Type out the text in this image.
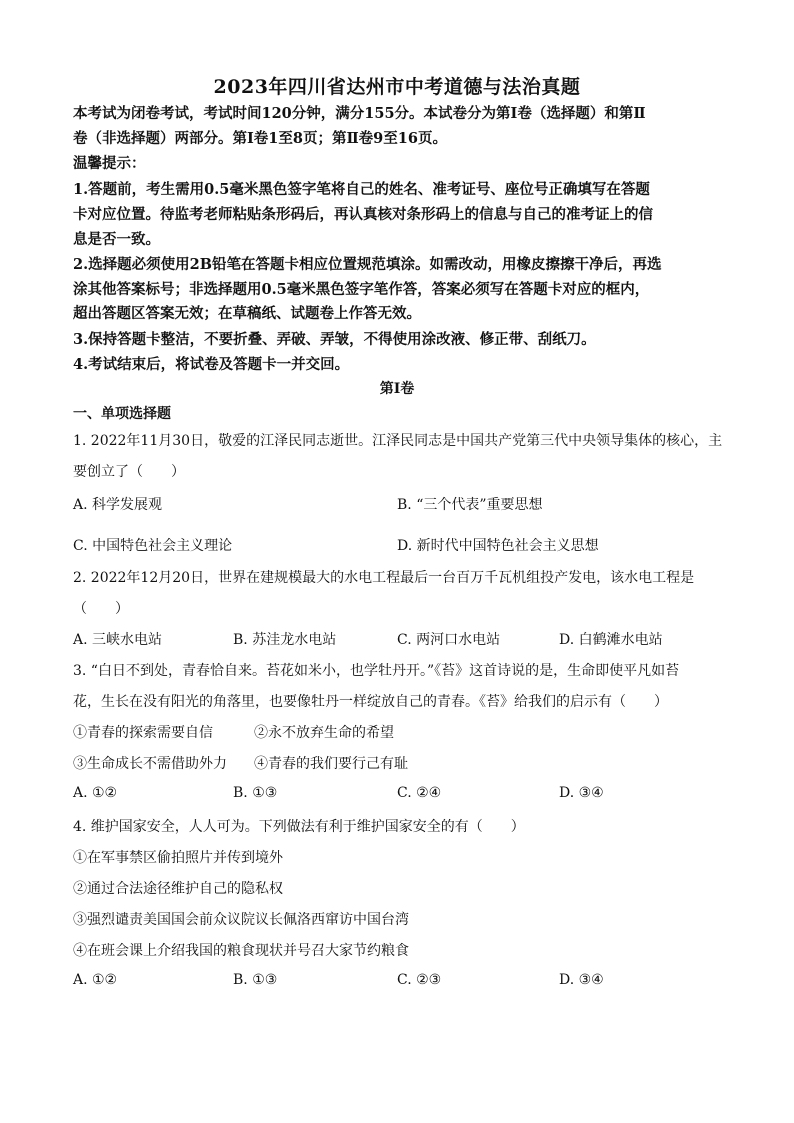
2023年四川省达州市中考道德与法治真题
本考试为闭卷考试，考试时间120分钟，满分155分。本试卷分为第Ⅰ卷（选择题）和第Ⅱ
卷（非选择题）两部分。第Ⅰ卷1至8页；第Ⅱ卷9至16页。
温馨提示：
1.答题前，考生需用0.5毫米黑色签字笔将自己的姓名、准考证号、座位号正确填写在答题
卡对应位置。待监考老师粘贴条形码后，再认真核对条形码上的信息与自己的准考证上的信
息是否一致。
2.选择题必须使用2B铅笔在答题卡相应位置规范填涂。如需改动，用橡皮擦擦干净后，再选
涂其他答案标号；非选择题用0.5毫米黑色签字笔作答，答案必须写在答题卡对应的框内，
超出答题区答案无效；在草稿纸、试题卷上作答无效。
3.保持答题卡整洁，不要折叠、弄破、弄皱，不得使用涂改液、修正带、刮纸刀。
4.考试结束后，将试卷及答题卡一并交回。
第Ⅰ卷
一、单项选择题
1. 2022年11月30日，敬爱的江泽民同志逝世。江泽民同志是中国共产党第三代中央领导集体的核心，主
要创立了（　　）
A. 科学发展观	B. “三个代表”重要思想
C. 中国特色社会主义理论	D. 新时代中国特色社会主义思想
2. 2022年12月20日，世界在建规模最大的水电工程最后一台百万千瓦机组投产发电，该水电工程是
（　　）
A. 三峡水电站	B. 苏洼龙水电站	C. 两河口水电站	D. 白鹤滩水电站
3. “白日不到处，青春恰自来。苔花如米小，也学牡丹开。”《苔》这首诗说的是，生命即使平凡如苔
花，生长在没有阳光的角落里，也要像牡丹一样绽放自己的青春。《苔》给我们的启示有（　　）
①青春的探索需要自信	②永不放弃生命的希望
③生命成长不需借助外力 ④青春的我们要行己有耻
A. ①②	B. ①③	C. ②④	D. ③④
4. 维护国家安全，人人可为。下列做法有利于维护国家安全的有（　　）
①在军事禁区偷拍照片并传到境外
②通过合法途径维护自己的隐私权
③强烈谴责美国国会前众议院议长佩洛西窜访中国台湾
④在班会课上介绍我国的粮食现状并号召大家节约粮食
A. ①②	B. ①③	C. ②③	D. ③④
